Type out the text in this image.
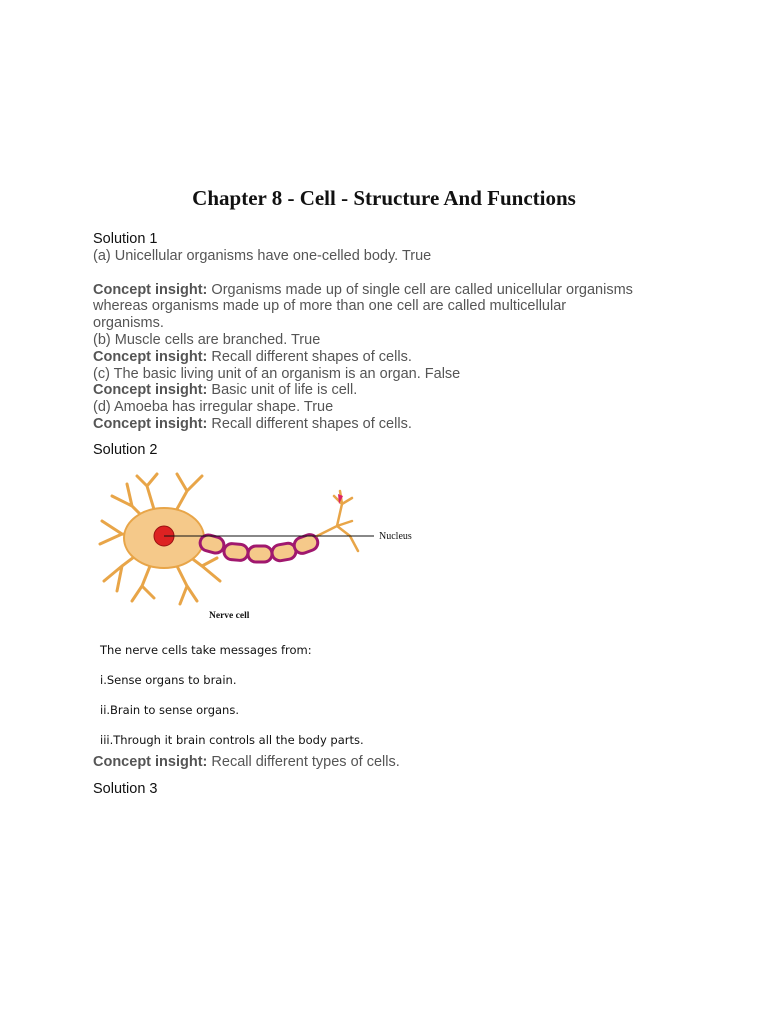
Chapter 8 - Cell - Structure And Functions
Solution 1
(a) Unicellular organisms have one-celled body. True
Concept insight: Organisms made up of single cell are called unicellular organisms
whereas organisms made up of more than one cell are called multicellular
organisms.
(b) Muscle cells are branched. True
Concept insight: Recall different shapes of cells.
(c) The basic living unit of an organism is an organ. False
Concept insight: Basic unit of life is cell.
(d) Amoeba has irregular shape. True
Concept insight: Recall different shapes of cells.
Solution 2
Nucleus
Nerve cell
The nerve cells take messages from:
i.Sense organs to brain.
ii.Brain to sense organs.
iii.Through it brain controls all the body parts.
Concept insight: Recall different types of cells.
Solution 3
